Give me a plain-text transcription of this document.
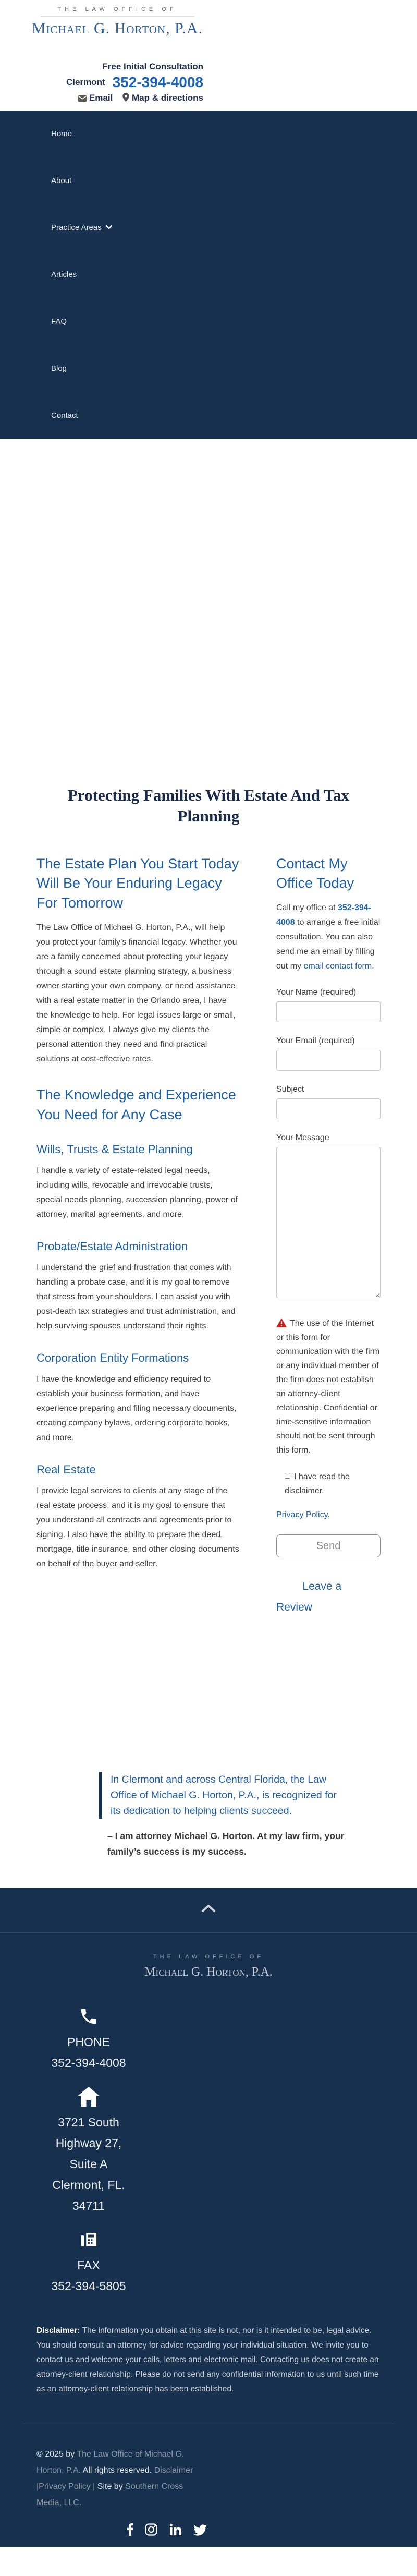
THE LAW OFFICE OF
Michael G. Horton, P.A.
Free Initial Consultation
Clermont 352-394-4008
Email Map & directions
Home
About
Practice Areas
Articles
FAQ
Blog
Contact
Protecting Families With Estate And Tax Planning
The Estate Plan You Start Today Will Be Your Enduring Legacy For Tomorrow

The Law Office of Michael G. Horton, P.A., will help you protect your family’s financial legacy. Whether you are a family concerned about protecting your legacy through a sound estate planning strategy, a business owner starting your own company, or need assistance with a real estate matter in the Orlando area, I have the knowledge to help. For legal issues large or small, simple or complex, I always give my clients the personal attention they need and find practical solutions at cost-effective rates.

The Knowledge and Experience You Need for Any Case
Wills, Trusts & Estate Planning

I handle a variety of estate-related legal needs, including wills, revocable and irrevocable trusts, special needs planning, succession planning, power of attorney, marital agreements, and more.

Probate/Estate Administration

I understand the grief and frustration that comes with handling a probate case, and it is my goal to remove that stress from your shoulders. I can assist you with post-death tax strategies and trust administration, and help surviving spouses understand their rights.

Corporation Entity Formations

I have the knowledge and efficiency required to establish your business formation, and have experience preparing and filing necessary documents, creating company bylaws, ordering corporate books, and more.

Real Estate

I provide legal services to clients at any stage of the real estate process, and it is my goal to ensure that you understand all contracts and agreements prior to signing. I also have the ability to prepare the deed, mortgage, title insurance, and other closing documents on behalf of the buyer and seller.

Contact My Office Today

Call my office at 352-394-4008 to arrange a free initial consultation. You can also send me an email by filling out my email contact form.

Your Name (required)
Your Email (required)
Subject
Your Message

The use of the Internet or this form for communication with the firm or any individual member of the firm does not establish an attorney-client relationship. Confidential or time-sensitive information should not be sent through this form.

I have read the disclaimer.

Privacy Policy.

Send
Leave a Review

In Clermont and across Central Florida, the Law Office of Michael G. Horton, P.A., is recognized for its dedication to helping clients succeed.

– I am attorney Michael G. Horton. At my law firm, your family’s success is my success.

THE LAW OFFICE OF
Michael G. Horton, P.A.
PHONE
352-394-4008
3721 South
Highway 27,
Suite A
Clermont, FL.
34711
FAX
352-394-5805

Disclaimer: The information you obtain at this site is not, nor is it intended to be, legal advice. You should consult an attorney for advice regarding your individual situation. We invite you to contact us and welcome your calls, letters and electronic mail. Contacting us does not create an attorney-client relationship. Please do not send any confidential information to us until such time as an attorney-client relationship has been established.

© 2025 by The Law Office of Michael G. Horton, P.A. All rights reserved. Disclaimer |Privacy Policy | Site by Southern Cross Media, LLC.
